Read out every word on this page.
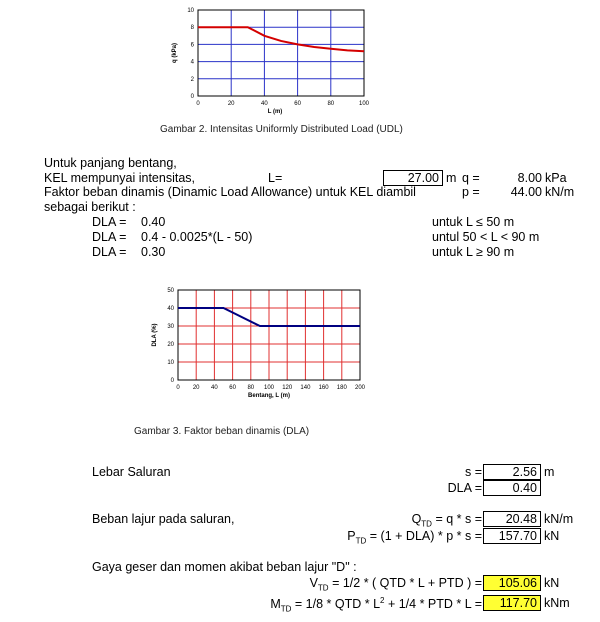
0	20	40	60	80	100
0
2
4
6
8
10
L (m)
q (kPa)
Gambar 2. Intensitas Uniformly Distributed Load (UDL)
Untuk panjang bentang,
KEL mempunyai intensitas,	L=	27.00 m q =	8.00 kPa
Faktor beban dinamis (Dinamic Load Allowance) untuk KEL diambil	p =	44.00 kN/m
sebagai berikut :
DLA = 0.40	untuk L ≤ 50 m
DLA = 0.4 - 0.0025*(L - 50)	untul 50 < L < 90 m
DLA = 0.30	untuk L ≥ 90 m
0 20 40 60 80 100 120 140 160 180 200
0
10
20
30
40
50
Bentang, L (m)
DLA (%)
Gambar 3. Faktor beban dinamis (DLA)
Lebar Saluran	s =	2.56 m
DLA =	0.40
Beban lajur pada saluran,	$Q_{TD} = q * s$ =	20.48 kN/m
$P_{TD} = (1 + DLA) * p * s$ =	157.70 kN
Gaya geser dan momen akibat beban lajur "D" :
$V_{TD} = 1/2$ * ( QTD * L + PTD ) =	105.06 kN
$M_{TD} = 1/8$ * QTD * $L^2 + 1/4$ * PTD * L =	117.70 kNm
